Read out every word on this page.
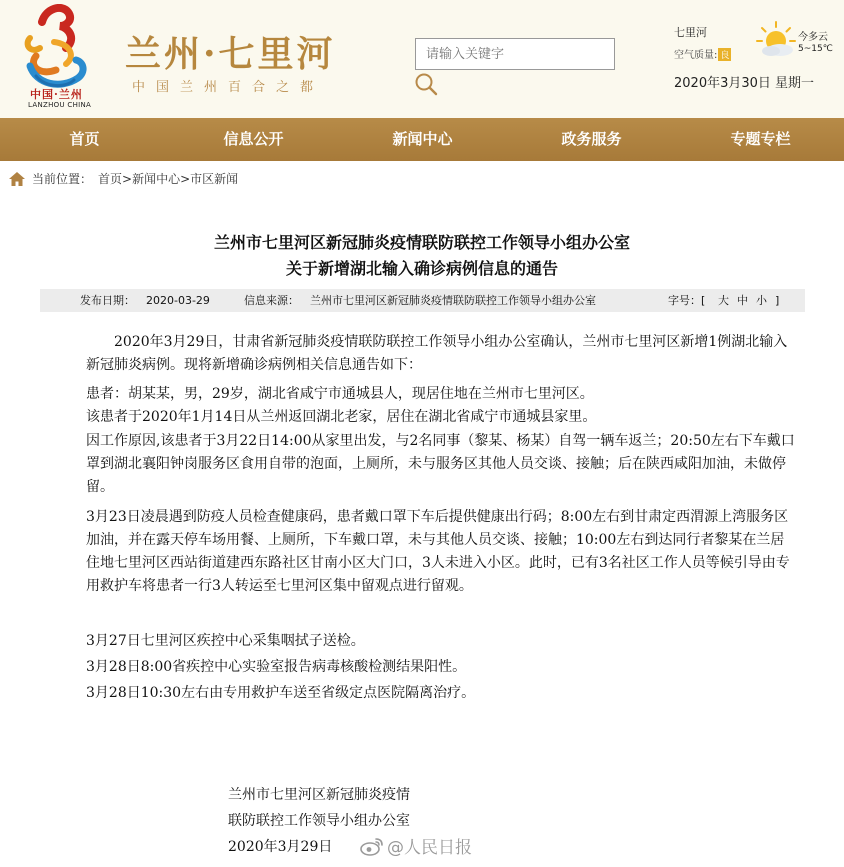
中国·兰州
LANZHOU CHINA
兰州·七里河
中国兰州百合之都
请输入关键字
七里河
空气质量: 良
今多云
5~15℃
2020年3月30日 星期一
首页	信息公开	新闻中心	政务服务	专题专栏
当前位置： 首页 > 新闻中心 > 市区新闻
兰州市七里河区新冠肺炎疫情联防联控工作领导小组办公室
关于新增湖北输入确诊病例信息的通告
发布日期： 2020-03-29	信息来源： 兰州市七里河区新冠肺炎疫情联防联控工作领导小组办公室	字号：[ 大 中 小 ]
2020年3月29日，甘肃省新冠肺炎疫情联防联控工作领导小组办公室确认，兰州市七里河区新增1例湖北输入新冠肺炎病例。现将新增确诊病例相关信息通告如下：
患者：胡某某，男，29岁，湖北省咸宁市通城县人，现居住地在兰州市七里河区。
该患者于2020年1月14日从兰州返回湖北老家，居住在湖北省咸宁市通城县家里。
因工作原因,该患者于3月22日14:00从家里出发，与2名同事（黎某、杨某）自驾一辆车返兰；20:50左右下车戴口罩到湖北襄阳钟岗服务区食用自带的泡面，上厕所，未与服务区其他人员交谈、接触；后在陕西咸阳加油，未做停留。
3月23日凌晨遇到防疫人员检查健康码，患者戴口罩下车后提供健康出行码；8:00左右到甘肃定西渭源上湾服务区加油，并在露天停车场用餐、上厕所，下车戴口罩，未与其他人员交谈、接触；10:00左右到达同行者黎某在兰居住地七里河区西站街道建西东路社区甘南小区大门口，3人未进入小区。此时，已有3名社区工作人员等候引导由专用救护车将患者一行3人转运至七里河区集中留观点进行留观。
3月27日七里河区疾控中心采集咽拭子送检。
3月28日8:00省疾控中心实验室报告病毒核酸检测结果阳性。
3月28日10:30左右由专用救护车送至省级定点医院隔离治疗。
兰州市七里河区新冠肺炎疫情
联防联控工作领导小组办公室
2020年3月29日	@人民日报
